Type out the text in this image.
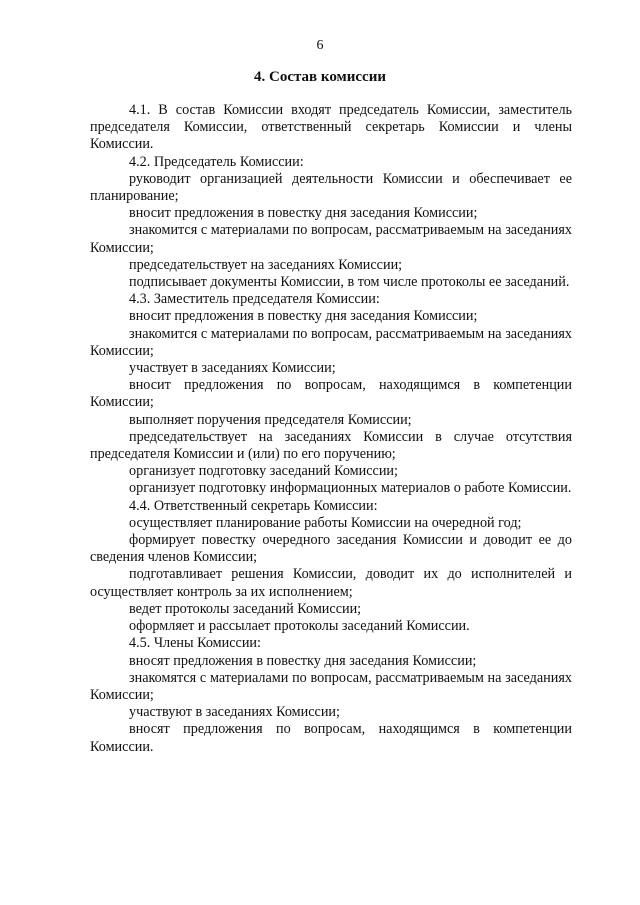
6
4. Состав комиссии

4.1. В состав Комиссии входят председатель Комиссии, заместитель председателя Комиссии, ответственный секретарь Комиссии и члены Комиссии.

4.2. Председатель Комиссии:

руководит организацией деятельности Комиссии и обеспечивает ее планирование;

вносит предложения в повестку дня заседания Комиссии;

знакомится с материалами по вопросам, рассматриваемым на заседаниях Комиссии;

председательствует на заседаниях Комиссии;

подписывает документы Комиссии, в том числе протоколы ее заседаний.

4.3. Заместитель председателя Комиссии:

вносит предложения в повестку дня заседания Комиссии;

знакомится с материалами по вопросам, рассматриваемым на заседаниях Комиссии;

участвует в заседаниях Комиссии;

вносит предложения по вопросам, находящимся в компетенции Комиссии;

выполняет поручения председателя Комиссии;

председательствует на заседаниях Комиссии в случае отсутствия председателя Комиссии и (или) по его поручению;

организует подготовку заседаний Комиссии;

организует подготовку информационных материалов о работе Комиссии.

4.4. Ответственный секретарь Комиссии:

осуществляет планирование работы Комиссии на очередной год;

формирует повестку очередного заседания Комиссии и доводит ее до сведения членов Комиссии;

подготавливает решения Комиссии, доводит их до исполнителей и осуществляет контроль за их исполнением;

ведет протоколы заседаний Комиссии;

оформляет и рассылает протоколы заседаний Комиссии.

4.5. Члены Комиссии:

вносят предложения в повестку дня заседания Комиссии;

знакомятся с материалами по вопросам, рассматриваемым на заседаниях Комиссии;

участвуют в заседаниях Комиссии;

вносят предложения по вопросам, находящимся в компетенции Комиссии.
